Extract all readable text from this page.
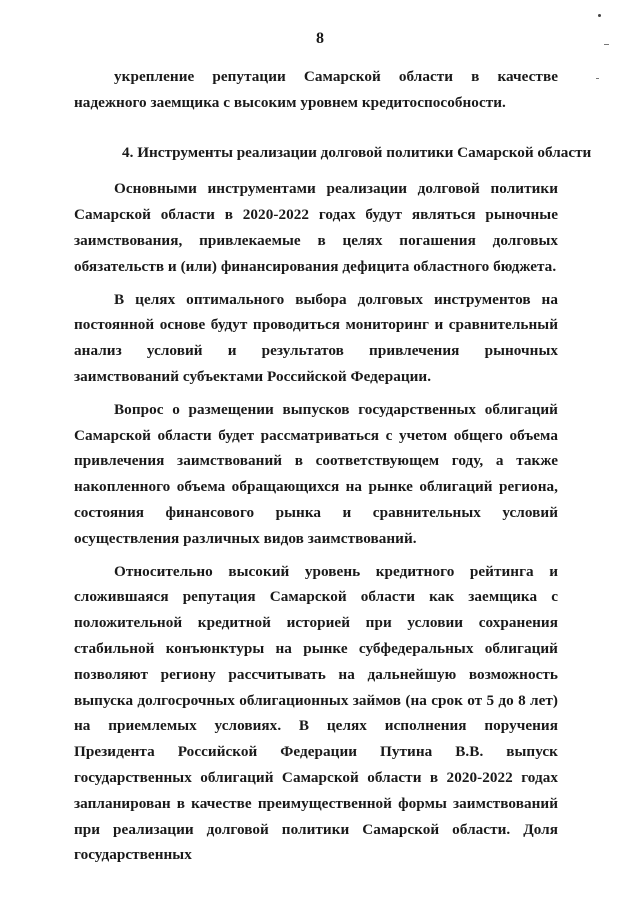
8

укрепление репутации Самарской области в качестве надежного заемщика с высоким уровнем кредитоспособности.

4. Инструменты реализации долговой политики Самарской области

Основными инструментами реализации долговой политики Самарской области в 2020-2022 годах будут являться рыночные заимствования, привлекаемые в целях погашения долговых обязательств и (или) финансирования дефицита областного бюджета.

В целях оптимального выбора долговых инструментов на постоянной основе будут проводиться мониторинг и сравнительный анализ условий и результатов привлечения рыночных заимствований субъектами Российской Федерации.

Вопрос о размещении выпусков государственных облигаций Самарской области будет рассматриваться с учетом общего объема привлечения заимствований в соответствующем году, а также накопленного объема обращающихся на рынке облигаций региона, состояния финансового рынка и сравнительных условий осуществления различных видов заимствований.

Относительно высокий уровень кредитного рейтинга и сложившаяся репутация Самарской области как заемщика с положительной кредитной историей при условии сохранения стабильной конъюнктуры на рынке субфедеральных облигаций позволяют региону рассчитывать на дальнейшую возможность выпуска долгосрочных облигационных займов (на срок от 5 до 8 лет) на приемлемых условиях. В целях исполнения поручения Президента Российской Федерации Путина В.В. выпуск государственных облигаций Самарской области в 2020-2022 годах запланирован в качестве преимущественной формы заимствований при реализации долговой политики Самарской области. Доля государственных
